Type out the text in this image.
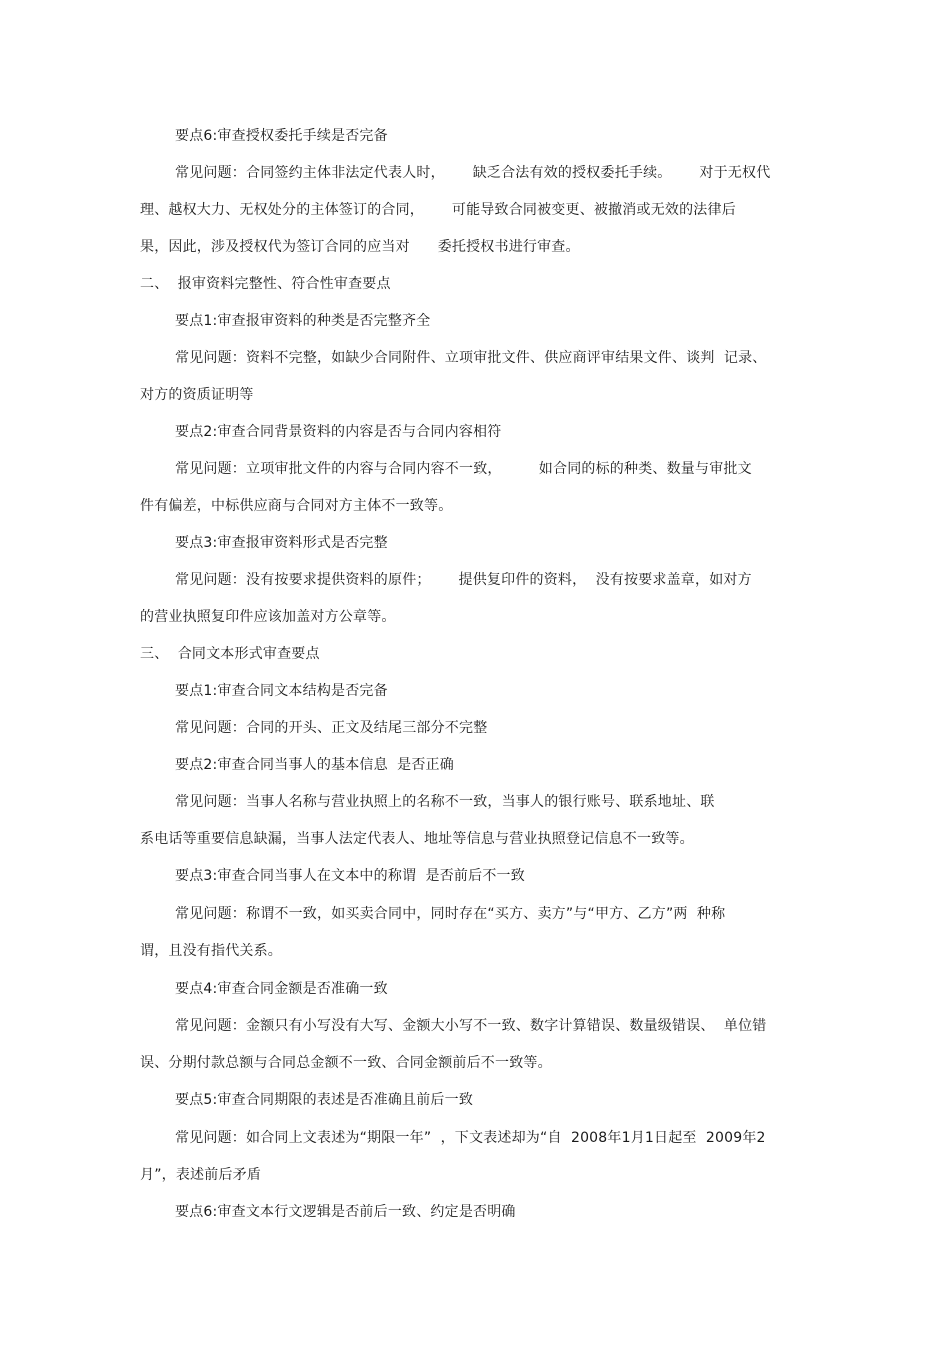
要点6:审查授权委托手续是否完备
常见问题：合同签约主体非法定代表人时，      缺乏合法有效的授权委托手续。      对于无权代
理、越权大力、无权处分的主体签订的合同，      可能导致合同被变更、被撤消或无效的法律后
果，因此，涉及授权代为签订合同的应当对      委托授权书进行审查。
二、  报审资料完整性、符合性审查要点
要点1:审查报审资料的种类是否完整齐全
常见问题：资料不完整，如缺少合同附件、立项审批文件、供应商评审结果文件、谈判  记录、
对方的资质证明等
要点2:审查合同背景资料的内容是否与合同内容相符
常见问题：立项审批文件的内容与合同内容不一致，        如合同的标的种类、数量与审批文
件有偏差，中标供应商与合同对方主体不一致等。
要点3:审查报审资料形式是否完整
常见问题：没有按要求提供资料的原件；      提供复印件的资料，  没有按要求盖章，如对方
的营业执照复印件应该加盖对方公章等。
三、  合同文本形式审查要点
要点1:审查合同文本结构是否完备
常见问题：合同的开头、正文及结尾三部分不完整
要点2:审查合同当事人的基本信息  是否正确
常见问题：当事人名称与营业执照上的名称不一致，当事人的银行账号、联系地址、联
系电话等重要信息缺漏，当事人法定代表人、地址等信息与营业执照登记信息不一致等。
要点3:审查合同当事人在文本中的称谓  是否前后不一致
常见问题：称谓不一致，如买卖合同中，同时存在“买方、卖方”与“甲方、乙方”两  种称
谓，且没有指代关系。
要点4:审查合同金额是否准确一致
常见问题：金额只有小写没有大写、金额大小写不一致、数字计算错误、数量级错误、  单位错
误、分期付款总额与合同总金额不一致、合同金额前后不一致等。
要点5:审查合同期限的表述是否准确且前后一致
常见问题：如合同上文表述为“期限一年”  ，下文表述却为“自  2008年1月1日起至  2009年2
月”，表述前后矛盾
要点6:审查文本行文逻辑是否前后一致、约定是否明确
